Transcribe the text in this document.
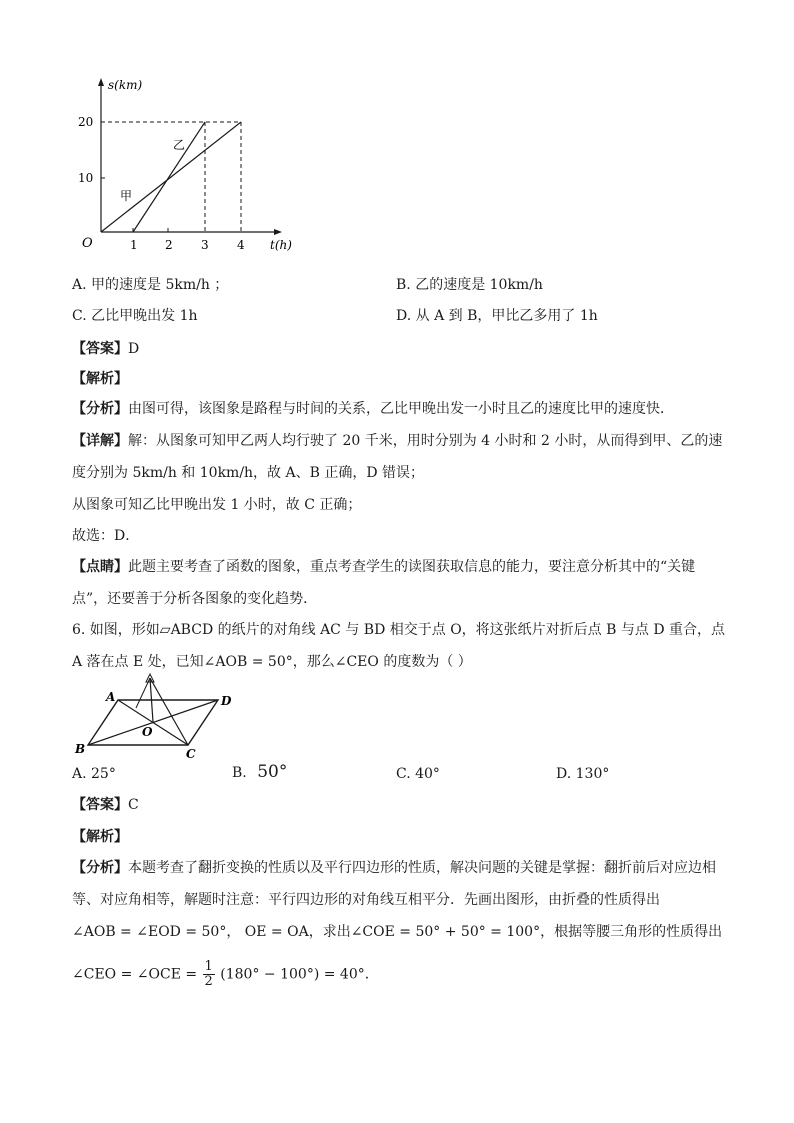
s(km)
t(h)
O
20
10
1 2 3 4
乙
甲
A. 甲的速度是 5km/h ；	B. 乙的速度是 10km/h
C. 乙比甲晚出发 1h	D. 从 A 到 B，甲比乙多用了 1h
【答案】D
【解析】
【分析】由图可得，该图象是路程与时间的关系，乙比甲晚出发一小时且乙的速度比甲的速度快．
【详解】解：从图象可知甲乙两人均行驶了 20 千米，用时分别为 4 小时和 2 小时，从而得到甲、乙的速
度分别为 5km/h 和 10km/h，故 A、B 正确，D 错误；
从图象可知乙比甲晚出发 1 小时，故 C 正确；
故选：D．
【点睛】此题主要考查了函数的图象，重点考查学生的读图获取信息的能力，要注意分析其中的“关键
点”，还要善于分析各图象的变化趋势．
6. 如图，形如▱ABCD 的纸片的对角线 AC 与 BD 相交于点 O，将这张纸片对折后点 B 与点 D 重合，点
A 落在点 E 处，已知∠AOB = 50°，那么∠CEO 的度数为（ ）
A	D
B	C
O
A. 25°	B. 50°	C. 40°	D. 130°
【答案】C
【解析】
【分析】本题考查了翻折变换的性质以及平行四边形的性质，解决问题的关键是掌握：翻折前后对应边相
等、对应角相等，解题时注意：平行四边形的对角线互相平分．先画出图形，由折叠的性质得出
∠AOB = ∠EOD = 50°， OE = OA，求出∠COE = 50° + 50° = 100°，根据等腰三角形的性质得出
∠CEO = ∠OCE = $\frac{1}{2} (180^\circ - 100^\circ) = 40^\circ$．
